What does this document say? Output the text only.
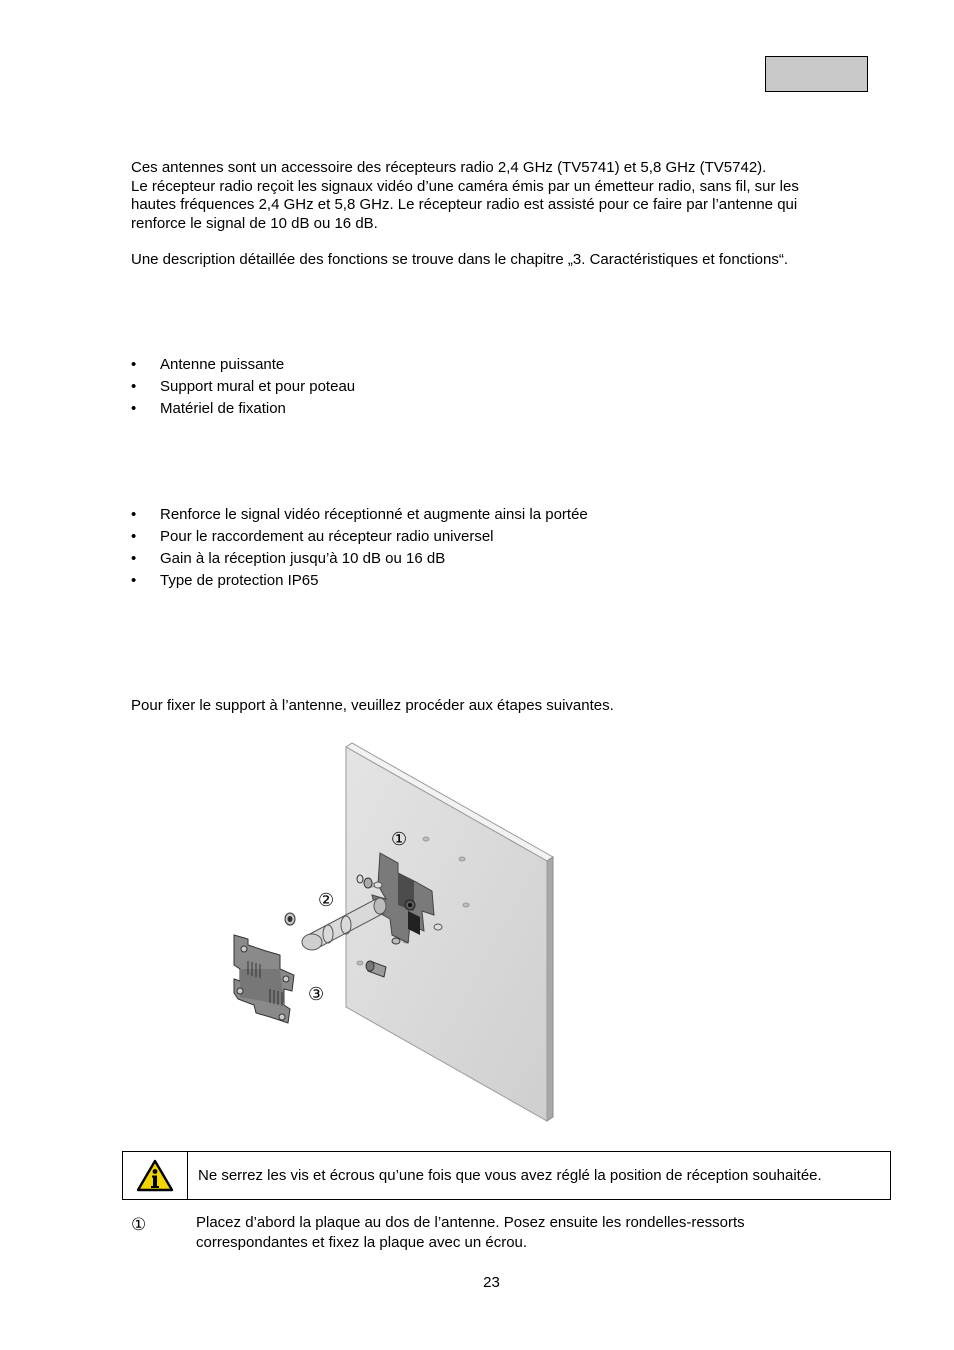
Ces antennes sont un accessoire des récepteurs radio 2,4 GHz (TV5741) et 5,8 GHz (TV5742).
Le récepteur radio reçoit les signaux vidéo d’une caméra émis par un émetteur radio, sans fil, sur les
hautes fréquences 2,4 GHz et 5,8 GHz. Le récepteur radio est assisté pour ce faire par l’antenne qui
renforce le signal de 10 dB ou 16 dB.

Une description détaillée des fonctions se trouve dans le chapitre „3. Caractéristiques et fonctions“.

• Antenne puissante
• Support mural et pour poteau
• Matériel de fixation
• Renforce le signal vidéo réceptionné et augmente ainsi la portée
• Pour le raccordement au récepteur radio universel
• Gain à la réception jusqu’à 10 dB ou 16 dB
• Type de protection IP65

Pour fixer le support à l’antenne, veuillez procéder aux étapes suivantes.

①
②
③
Ne serrez les vis et écrous qu’une fois que vous avez réglé la position de réception souhaitée.
①	Placez d’abord la plaque au dos de l’antenne. Posez ensuite les rondelles-ressorts
correspondantes et fixez la plaque avec un écrou.
23
